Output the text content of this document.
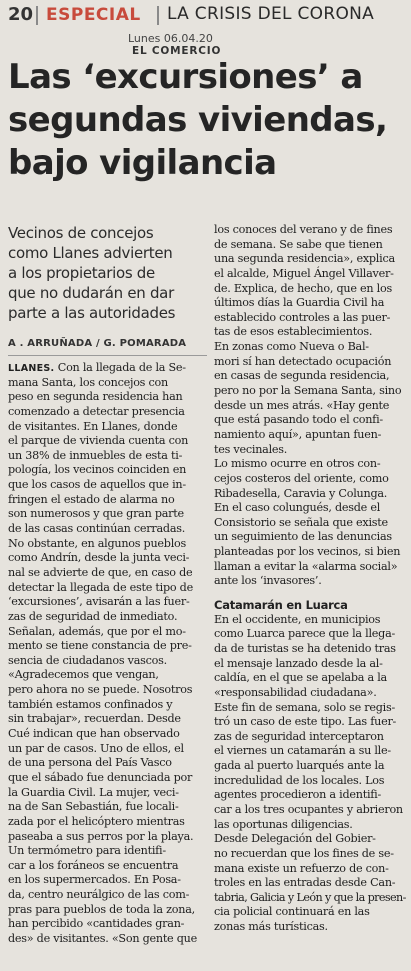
20 ESPECIAL LA CRISIS DEL CORONA
Lunes 06.04.20
EL COMERCIO
Las ‘excursiones’ a
segundas viviendas,
bajo vigilancia
Vecinos de concejos
como Llanes advierten
a los propietarios de
que no dudarán en dar
parte a las autoridades
A . ARRUÑADA / G. POMARADA
LLANES. Con la llegada de la Se-
mana Santa, los concejos con
peso en segunda residencia han
comenzado a detectar presencia
de visitantes. En Llanes, donde
el parque de vivienda cuenta con
un 38% de inmuebles de esta ti-
pología, los vecinos coinciden en
que los casos de aquellos que in-
fringen el estado de alarma no
son numerosos y que gran parte
de las casas continúan cerradas.
No obstante, en algunos pueblos
como Andrín, desde la junta veci-
nal se advierte de que, en caso de
detectar la llegada de este tipo de
‘excursiones’, avisarán a las fuer-
zas de seguridad de inmediato.
Señalan, además, que por el mo-
mento se tiene constancia de pre-
sencia de ciudadanos vascos.
«Agradecemos que vengan,
pero ahora no se puede. Nosotros
también estamos confinados y
sin trabajar», recuerdan. Desde
Cué indican que han observado
un par de casos. Uno de ellos, el
de una persona del País Vasco
que el sábado fue denunciada por
la Guardia Civil. La mujer, veci-
na de San Sebastián, fue locali-
zada por el helicóptero mientras
paseaba a sus perros por la playa.
Un termómetro para identifi-
car a los foráneos se encuentra
en los supermercados. En Posa-
da, centro neurálgico de las com-
pras para pueblos de toda la zona,
han percibido «cantidades gran-
des» de visitantes. «Son gente que
los conoces del verano y de fines
de semana. Se sabe que tienen
una segunda residencia», explica
el alcalde, Miguel Ángel Villaver-
de. Explica, de hecho, que en los
últimos días la Guardia Civil ha
establecido controles a las puer-
tas de esos establecimientos.
En zonas como Nueva o Bal-
mori sí han detectado ocupación
en casas de segunda residencia,
pero no por la Semana Santa, sino
desde un mes atrás. «Hay gente
que está pasando todo el confi-
namiento aquí», apuntan fuen-
tes vecinales.
Lo mismo ocurre en otros con-
cejos costeros del oriente, como
Ribadesella, Caravia y Colunga.
En el caso colungués, desde el
Consistorio se señala que existe
un seguimiento de las denuncias
planteadas por los vecinos, si bien
llaman a evitar la «alarma social»
ante los ‘invasores’.
Catamarán en Luarca
En el occidente, en municipios
como Luarca parece que la llega-
da de turistas se ha detenido tras
el mensaje lanzado desde la al-
caldía, en el que se apelaba a la
«responsabilidad ciudadana».
Este fin de semana, solo se regis-
tró un caso de este tipo. Las fuer-
zas de seguridad interceptaron
el viernes un catamarán a su lle-
gada al puerto luarqués ante la
incredulidad de los locales. Los
agentes procedieron a identifi-
car a los tres ocupantes y abrieron
las oportunas diligencias.
Desde Delegación del Gobier-
no recuerdan que los fines de se-
mana existe un refuerzo de con-
troles en las entradas desde Can-
tabria, Galicia y León y que la presen-
cia policial continuará en las
zonas más turísticas.
